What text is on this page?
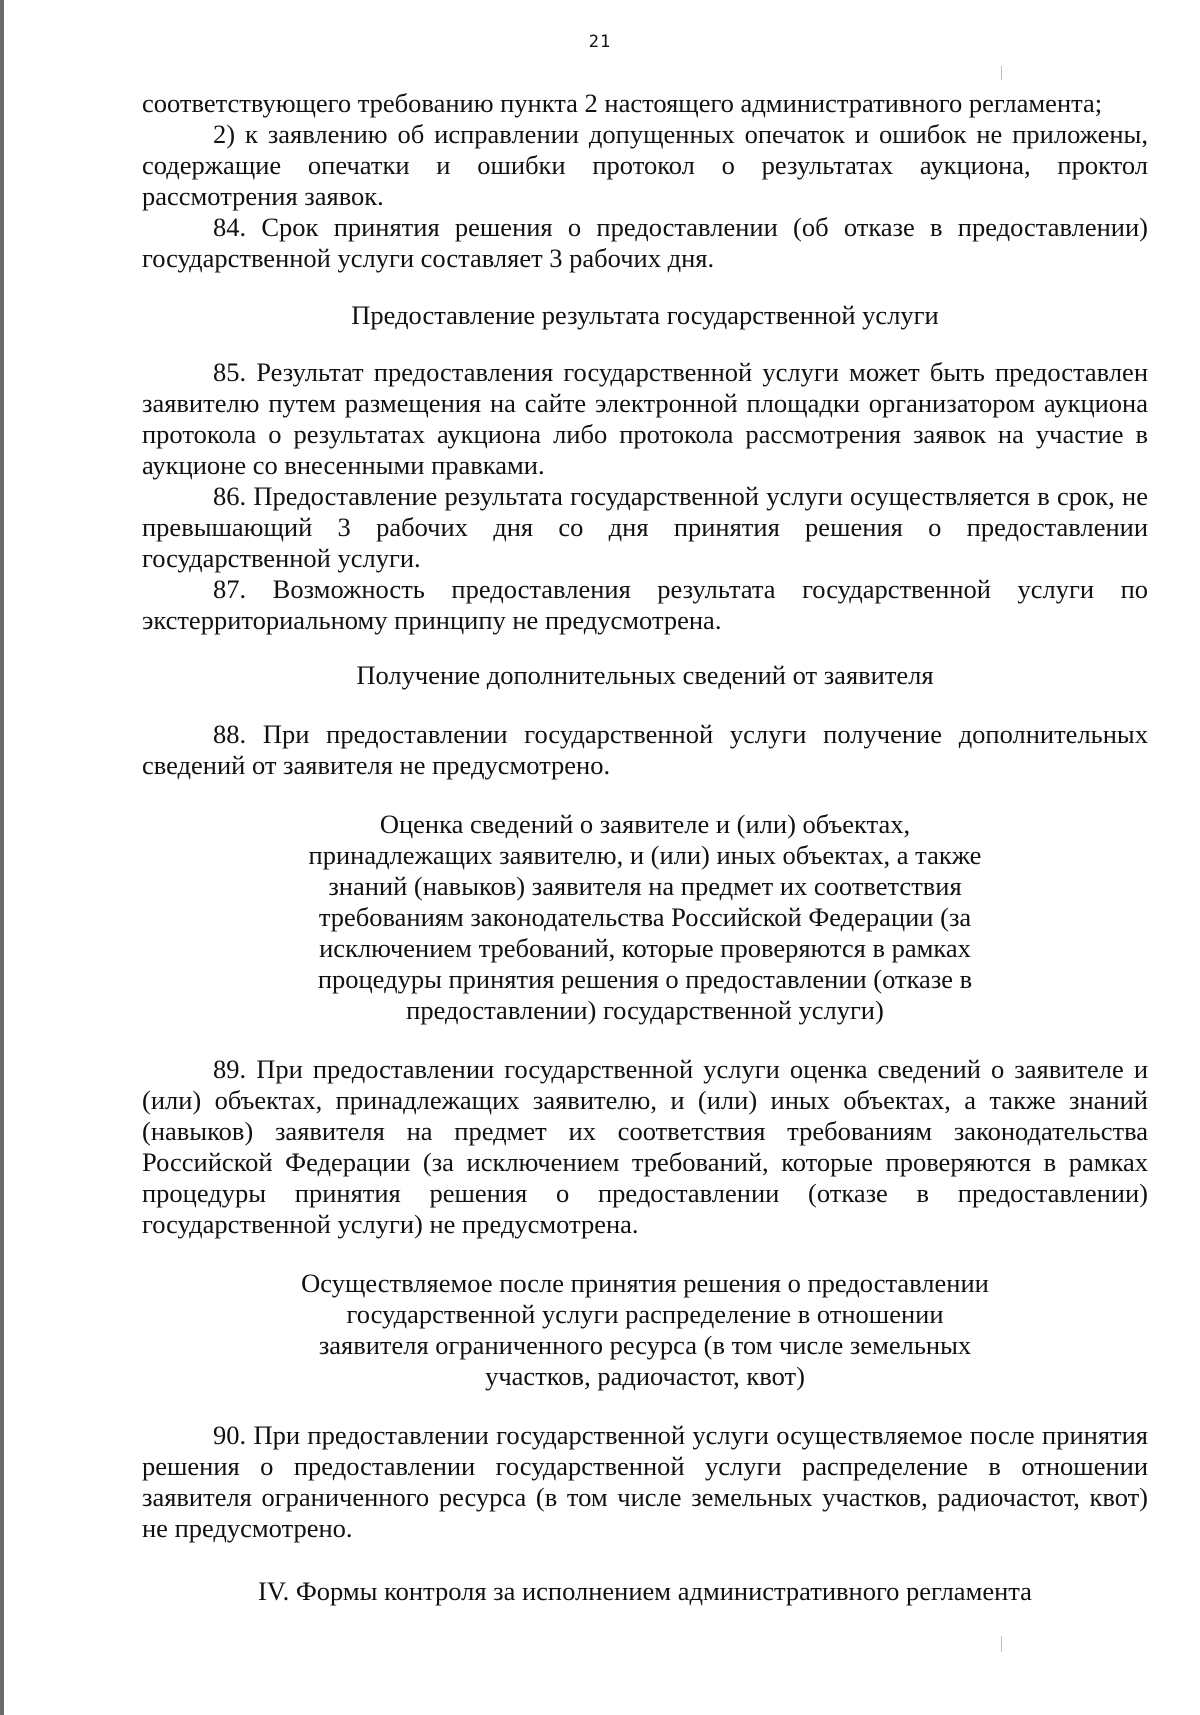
21

соответствующего требованию пункта 2 настоящего административного регламента;

2) к заявлению об исправлении допущенных опечаток и ошибок не приложены, содержащие опечатки и ошибки протокол о результатах аукциона, проктол рассмотрения заявок.

84. Срок принятия решения о предоставлении (об отказе в предоставлении) государственной услуги составляет 3 рабочих дня.

Предоставление результата государственной услуги

85. Результат предоставления государственной услуги может быть предоставлен заявителю путем размещения на сайте электронной площадки организатором аукциона протокола о результатах аукциона либо протокола рассмотрения заявок на участие в аукционе со внесенными правками.

86. Предоставление результата государственной услуги осуществляется в срок, не превышающий 3 рабочих дня со дня принятия решения о предоставлении государственной услуги.

87. Возможность предоставления результата государственной услуги по экстерриториальному принципу не предусмотрена.

Получение дополнительных сведений от заявителя

88. При предоставлении государственной услуги получение дополнительных сведений от заявителя не предусмотрено.

Оценка сведений о заявителе и (или) объектах, принадлежащих заявителю, и (или) иных объектах, а также знаний (навыков) заявителя на предмет их соответствия требованиям законодательства Российской Федерации (за исключением требований, которые проверяются в рамках процедуры принятия решения о предоставлении (отказе в предоставлении) государственной услуги)

89. При предоставлении государственной услуги оценка сведений о заявителе и (или) объектах, принадлежащих заявителю, и (или) иных объектах, а также знаний (навыков) заявителя на предмет их соответствия требованиям законодательства Российской Федерации (за исключением требований, которые проверяются в рамках процедуры принятия решения о предоставлении (отказе в предоставлении) государственной услуги) не предусмотрена.

Осуществляемое после принятия решения о предоставлении государственной услуги распределение в отношении заявителя ограниченного ресурса (в том числе земельных участков, радиочастот, квот)

90. При предоставлении государственной услуги осуществляемое после принятия решения о предоставлении государственной услуги распределение в отношении заявителя ограниченного ресурса (в том числе земельных участков, радиочастот, квот) не предусмотрено.

IV. Формы контроля за исполнением административного регламента
